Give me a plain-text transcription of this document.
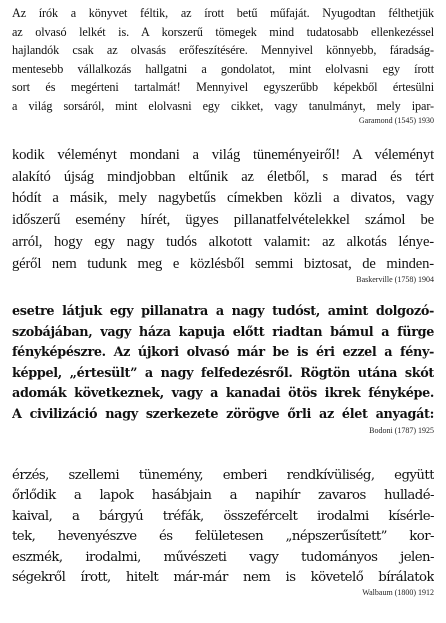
Az írók a könyvet féltik, az írott betű műfaját. Nyugodtan félthetjük
az olvasó lelkét is. A korszerű tömegek mind tudatosabb ellenkezéssel
hajlandók csak az olvasás erőfeszítésére. Mennyivel könnyebb, fáradság-
mentesebb vállalkozás hallgatni a gondolatot, mint elolvasni egy írott
sort és megérteni tartalmát! Mennyivel egyszerűbb képekből értesülni
a világ sorsáról, mint elolvasni egy cikket, vagy tanulmányt, mely ipar-
Garamond (1545) 1930
kodik véleményt mondani a világ tüneményeiről! A véleményt
alakító újság mindjobban eltűnik az életből, s marad és tért
hódít a másik, mely nagybetűs címekben közli a divatos, vagy
időszerű esemény hírét, ügyes pillanatfelvételekkel számol be
arról, hogy egy nagy tudós alkotott valamit: az alkotás lénye-
géről nem tudunk meg e közlésből semmi biztosat, de minden-
Baskerville (1758) 1904
esetre látjuk egy pillanatra a nagy tudóst, amint dolgozó-
szobájában, vagy háza kapuja előtt riadtan bámul a fürge
fényképészre. Az újkori olvasó már be is éri ezzel a fény-
képpel, „értesült” a nagy felfedezésről. Rögtön utána skót
adomák következnek, vagy a kanadai ötös ikrek fényképe.
A civilizáció nagy szerkezete zörögve őrli az élet anyagát:
Bodoni (1787) 1925
érzés, szellemi tünemény, emberi rendkívüliség, együtt
őrlődik a lapok hasábjain a napihír zavaros hulladé-
kaival, a bárgyú tréfák, összefércelt irodalmi kísérle-
tek, hevenyészve és felületesen „népszerűsített” kor-
eszmék, irodalmi, művészeti vagy tudományos jelen-
ségekről írott, hitelt már-már nem is követelő bírálatok
Walbaum (1800) 1912
